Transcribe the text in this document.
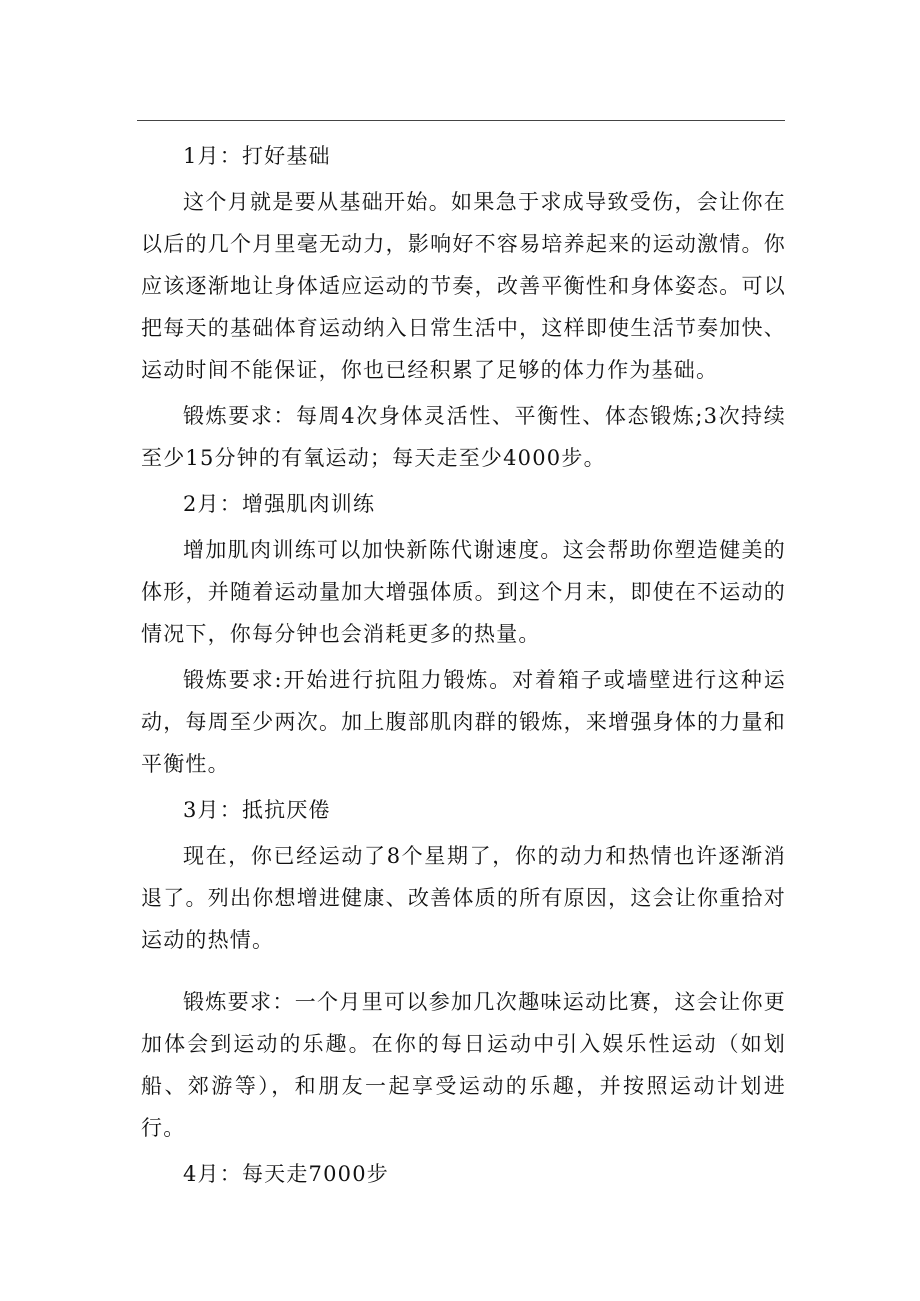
1月：打好基础

这个月就是要从基础开始。如果急于求成导致受伤，会让你在以后的几个月里毫无动力，影响好不容易培养起来的运动激情。你应该逐渐地让身体适应运动的节奏，改善平衡性和身体姿态。可以把每天的基础体育运动纳入日常生活中，这样即使生活节奏加快、运动时间不能保证，你也已经积累了足够的体力作为基础。

锻炼要求：每周4次身体灵活性、平衡性、体态锻炼;3次持续至少15分钟的有氧运动；每天走至少4000步。

2月：增强肌肉训练

增加肌肉训练可以加快新陈代谢速度。这会帮助你塑造健美的体形，并随着运动量加大增强体质。到这个月末，即使在不运动的情况下，你每分钟也会消耗更多的热量。

锻炼要求:开始进行抗阻力锻炼。对着箱子或墙壁进行这种运动，每周至少两次。加上腹部肌肉群的锻炼，来增强身体的力量和平衡性。

3月：抵抗厌倦

现在，你已经运动了8个星期了，你的动力和热情也许逐渐消退了。列出你想增进健康、改善体质的所有原因，这会让你重拾对运动的热情。

锻炼要求：一个月里可以参加几次趣味运动比赛，这会让你更加体会到运动的乐趣。在你的每日运动中引入娱乐性运动（如划船、郊游等），和朋友一起享受运动的乐趣，并按照运动计划进行。

4月：每天走7000步
